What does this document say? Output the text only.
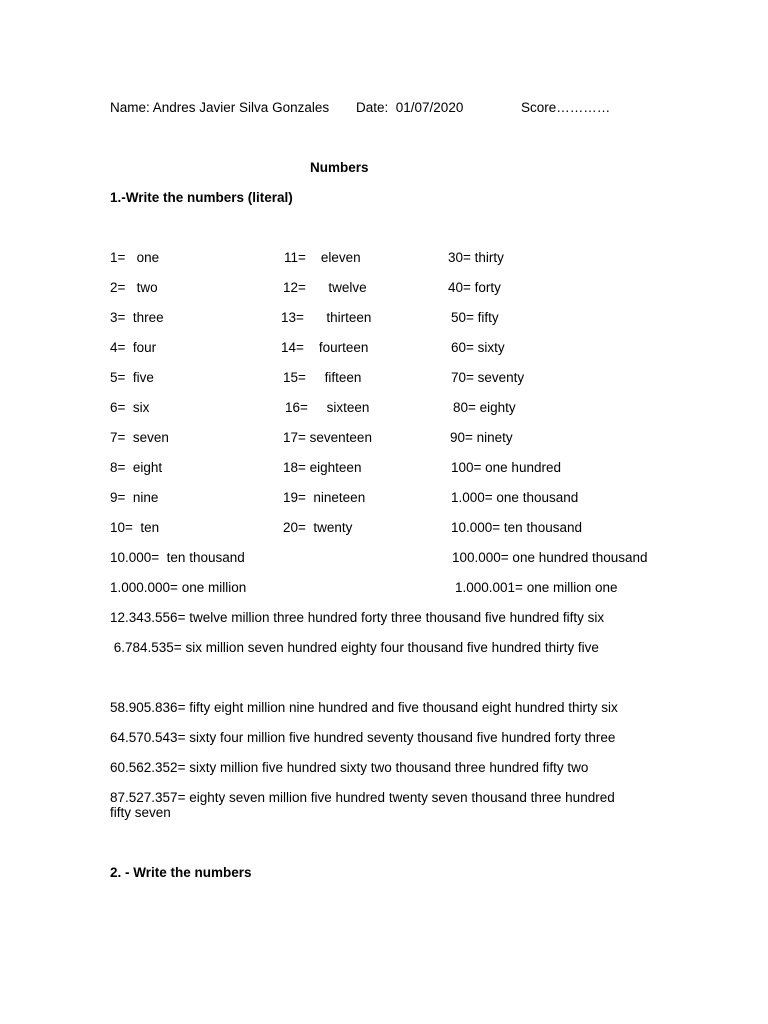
Name: Andres Javier Silva Gonzales Date:  01/07/2020	Score…………
Numbers
1.-Write the numbers (literal)
1=   one
2=   two
3=  three
4=  four
5=  five
6=  six
7=  seven
8=  eight
9=  nine
10=  ten
10.000=  ten thousand
1.000.000= one million
11=    eleven
12=      twelve
13=      thirteen
14=    fourteen
15=     fifteen
16=     sixteen
17= seventeen
18= eighteen
19=  nineteen
20=  twenty
30= thirty
40= forty
50= fifty
60= sixty
70= seventy
80= eighty
90= ninety
100= one hundred
1.000= one thousand
10.000= ten thousand
100.000= one hundred thousand
1.000.001= one million one
12.343.556= twelve million three hundred forty three thousand five hundred fifty six
6.784.535= six million seven hundred eighty four thousand five hundred thirty five
58.905.836= fifty eight million nine hundred and five thousand eight hundred thirty six
64.570.543= sixty four million five hundred seventy thousand five hundred forty three
60.562.352= sixty million five hundred sixty two thousand three hundred fifty two
87.527.357= eighty seven million five hundred twenty seven thousand three hundred
fifty seven
2. - Write the numbers
